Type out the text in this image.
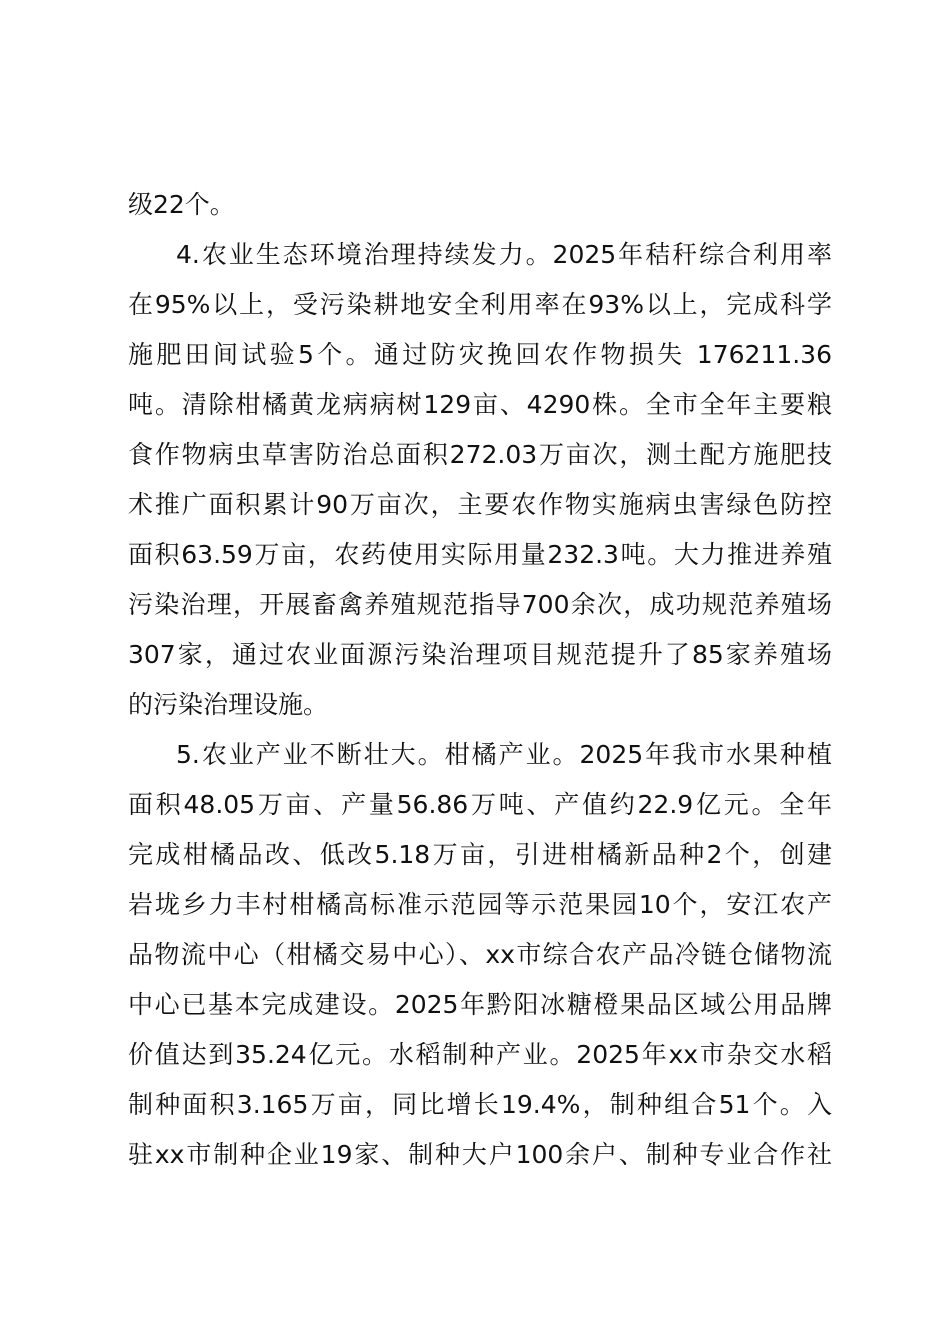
级22个。
4.农业生态环境治理持续发力。2025年秸秆综合利用率
在95%以上，受污染耕地安全利用率在93%以上，完成科学
施肥田间试验5个。通过防灾挽回农作物损失 176211.36
吨。清除柑橘黄龙病病树129亩、4290株。全市全年主要粮
食作物病虫草害防治总面积272.03万亩次，测土配方施肥技
术推广面积累计90万亩次，主要农作物实施病虫害绿色防控
面积63.59万亩，农药使用实际用量232.3吨。大力推进养殖
污染治理，开展畜禽养殖规范指导700余次，成功规范养殖场
307家，通过农业面源污染治理项目规范提升了85家养殖场
的污染治理设施。
5.农业产业不断壮大。柑橘产业。2025年我市水果种植
面积48.05万亩、产量56.86万吨、产值约22.9亿元。全年
完成柑橘品改、低改5.18万亩，引进柑橘新品种2个，创建
岩垅乡力丰村柑橘高标准示范园等示范果园10个，安江农产
品物流中心（柑橘交易中心）、xx市综合农产品冷链仓储物流
中心已基本完成建设。2025年黔阳冰糖橙果品区域公用品牌
价值达到35.24亿元。水稻制种产业。2025年xx市杂交水稻
制种面积3.165万亩，同比增长19.4%，制种组合51个。入
驻xx市制种企业19家、制种大户100余户、制种专业合作社
